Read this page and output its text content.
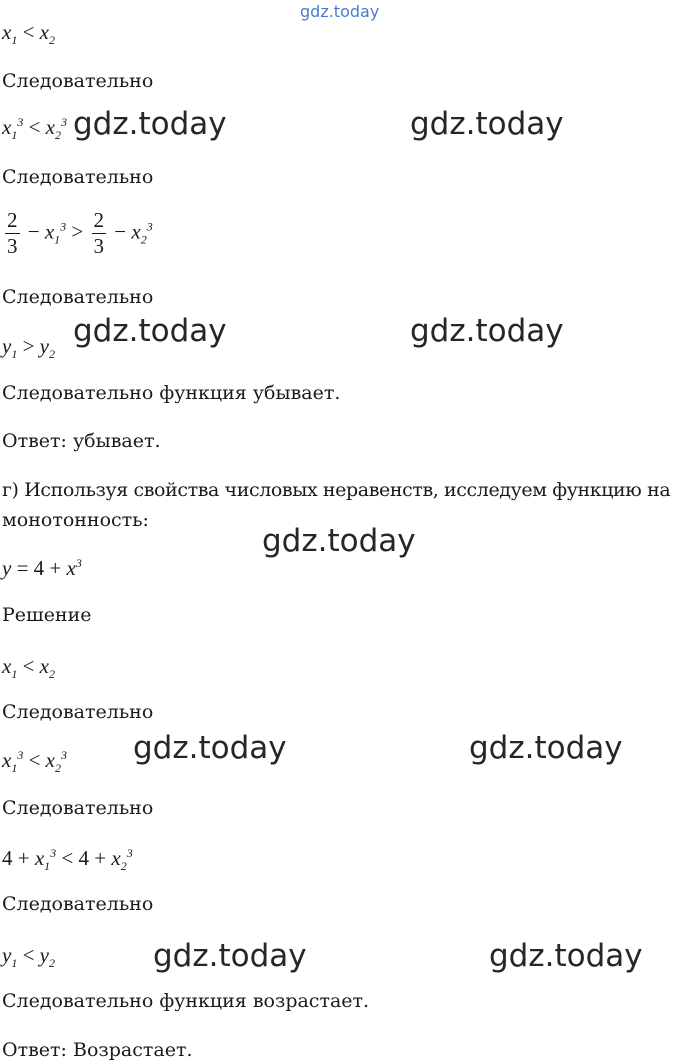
gdz.today
$x_1 < x_2$
Следовательно
$x_1^3 < x_2^3$ gdz.today	gdz.today
Следовательно
$\frac{2}{3} - x_1^3 > \frac{2}{3} - x_2^3$
Следовательно
$y_1 > y_2$
gdz.today	gdz.today
Следовательно функция убывает.
Ответ: убывает.
г) Используя свойства числовых неравенств, исследуем функцию на
монотонность:
gdz.today
$y = 4 + x^3$
Решение
$x_1 < x_2$
Следовательно
$x_1^3 < x_2^3$ gdz.today	gdz.today
Следовательно
$4 + x_1^3 < 4 + x_2^3$
Следовательно
$y_1 < y_2$	gdz.today	gdz.today
Следовательно функция возрастает.
Ответ: Возрастает.
